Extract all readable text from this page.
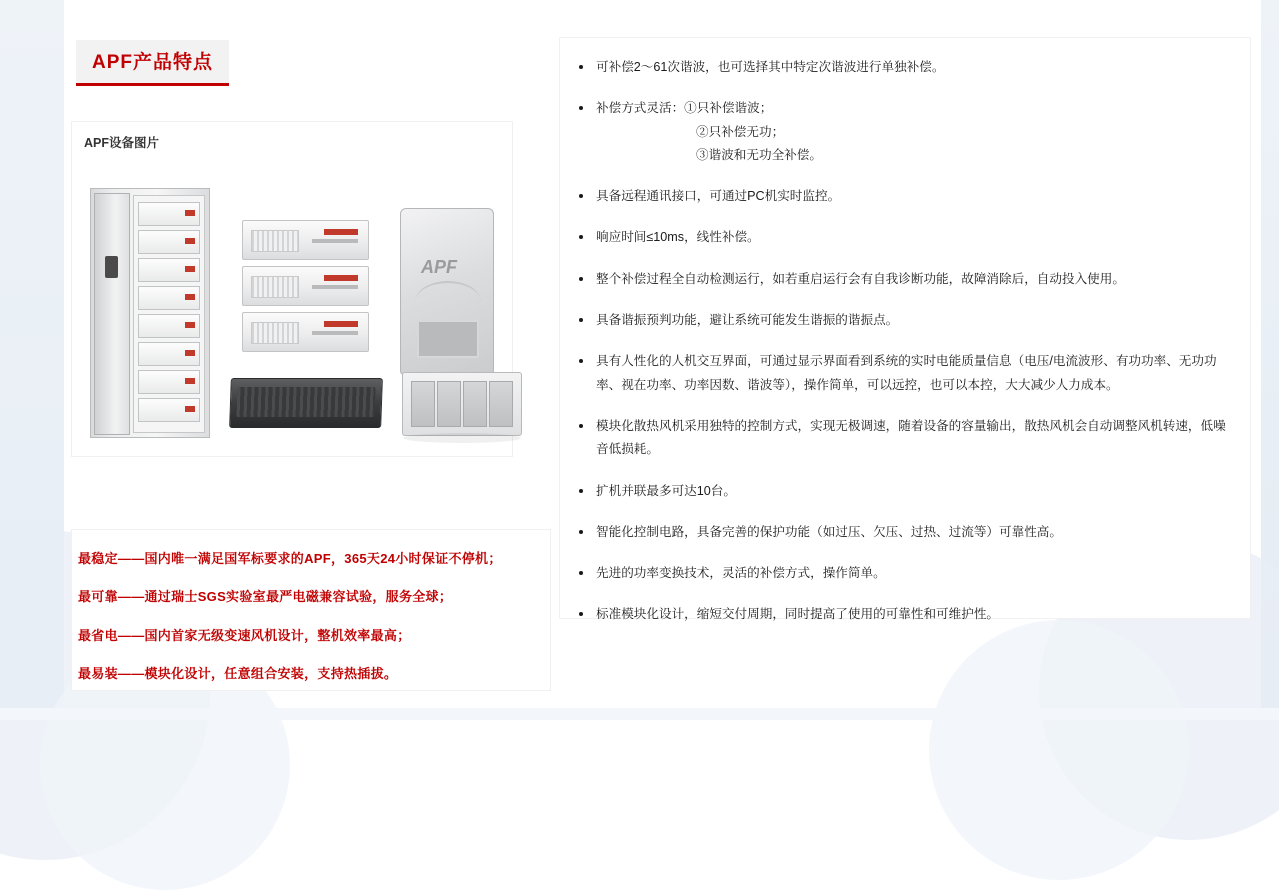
APF产品特点
APF设备图片
APF
最稳定——国内唯一满足国军标要求的APF，365天24小时保证不停机；
最可靠——通过瑞士SGS实验室最严电磁兼容试验，服务全球；
最省电——国内首家无级变速风机设计，整机效率最高；
最易装——模块化设计，任意组合安装，支持热插拔。
可补偿2～61次谐波，也可选择其中特定次谐波进行单独补偿。
补偿方式灵活：①只补偿谐波；
②只补偿无功；
③谐波和无功全补偿。
具备远程通讯接口，可通过PC机实时监控。
响应时间≤10ms，线性补偿。
整个补偿过程全自动检测运行，如若重启运行会有自我诊断功能，故障消除后，自动投入使用。
具备谐振预判功能，避让系统可能发生谐振的谐振点。
具有人性化的人机交互界面，可通过显示界面看到系统的实时电能质量信息（电压/电流波形、有功功率、无功功率、视在功率、功率因数、谐波等），操作简单，可以远控，也可以本控，大大减少人力成本。
模块化散热风机采用独特的控制方式，实现无极调速，随着设备的容量输出，散热风机会自动调整风机转速，低噪音低损耗。
扩机并联最多可达10台。
智能化控制电路，具备完善的保护功能（如过压、欠压、过热、过流等）可靠性高。
先进的功率变换技术，灵活的补偿方式，操作简单。
标准模块化设计，缩短交付周期，同时提高了使用的可靠性和可维护性。
